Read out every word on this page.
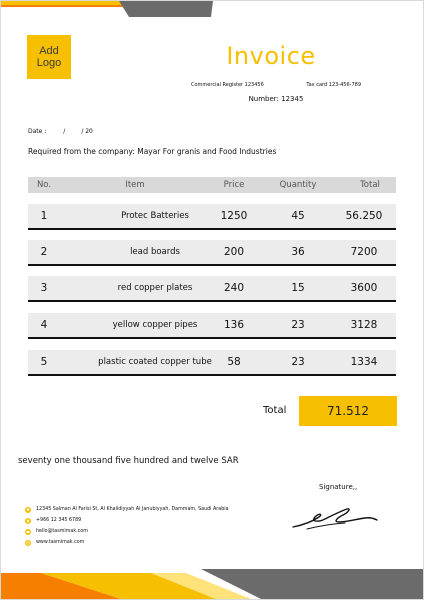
Add
Logo	Invoice
Commercial Register 123456	Tax card 123-456-789
Number: 12345
Date :	/	/ 20
Required from the company: Mayar For granis and Food Industries
No.	Item	Price	Quantity	Total
1	Protec Batteries	1250	45	56.250
2	lead boards	200	36	7200
3	red copper plates	240	15	3600
4	yellow copper pipes	136	23	3128
5	plastic coated copper tube	58	23	1334
Total	71.512
seventy one thousand five hundred and twelve SAR
Signature,,
12345 Salman Al Farisi St, Al Khalidiyyah Al Janubiyyah, Dammam, Saudi Arabia
+966 12 345 6789
hello@tasmimak.com
www.tasmimak.com
